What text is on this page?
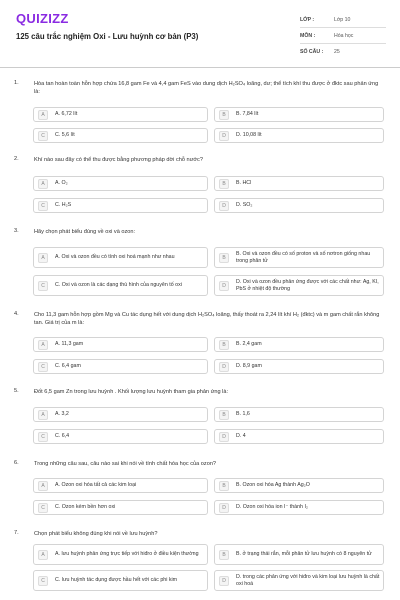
QUIZIZZ
125 câu trắc nghiệm Oxi - Lưu huỳnh cơ bản (P3)
LỚP :	Lớp 10
MÔN :	Hóa học
SỐ CÂU :	25
1.	Hòa tan hoàn toàn hỗn hợp chứa 16,8 gam Fe và 4,4 gam FeS vào dung dịch H₂SO₄ loãng, dư; thể tích khí thu được ở đktc sau phản ứng là:
A	A. 6,72 lít	B	B. 7,84 lít
C	C. 5,6 lít	D	D. 10,08 lít
2.	Khí nào sau đây có thể thu được bằng phương pháp dời chỗ nước?
A	A. O₂	B	B. HCl
C	C. H₂S	D	D. SO₂
3.	Hãy chọn phát biểu đúng về oxi và ozon:
A	A. Oxi và ozon đều có tính oxi hoá mạnh như nhau	B
B. Oxi và ozon đều có số proton và số nơtron giống nhau trong phân tử
C	C. Oxi và ozon là các dạng thù hình của nguyên tố oxi	D
D. Oxi và ozon đều phản ứng được với các chất như: Ag, KI, PbS ở nhiệt độ thường
4.	Cho 11,3 gam hỗn hợp gồm Mg và Cu tác dụng hết với dung dịch H₂SO₄ loãng, thấy thoát ra 2,24 lít khí H₂ (đktc) và m gam chất rắn không tan. Giá trị của m là:
A	A. 11,3 gam	B	B. 2,4 gam
C	C. 6,4 gam	D	D. 8,9 gam
5.	Đốt 6,5 gam Zn trong lưu huỳnh . Khối lượng lưu huỳnh tham gia phản ứng là:
A	A. 3,2	B	B. 1,6
C	C. 6,4	D	D. 4
6.	Trong những câu sau, câu nào sai khi nói về tính chất hóa học của ozon?
A	A. Ozon oxi hóa tất cả các kim loại	B	B. Ozon oxi hóa Ag thành Ag₂O
C	C. Ozon kém bền hơn oxi	D	D. Ozon oxi hóa ion I⁻ thành I₂
7.	Chọn phát biểu không đúng khi nói về lưu huỳnh?
A	A. lưu huỳnh phản ứng trực tiếp với hiđro ở điều kiện thường	B	B. ở trạng thái rắn, mỗi phân tử lưu huỳnh có 8 nguyên tử
C	C. lưu huỳnh tác dụng được hầu hết với các phi kim	D
D. trong các phản ứng với hiđro và kim loại lưu huỳnh là chất oxi hoá
